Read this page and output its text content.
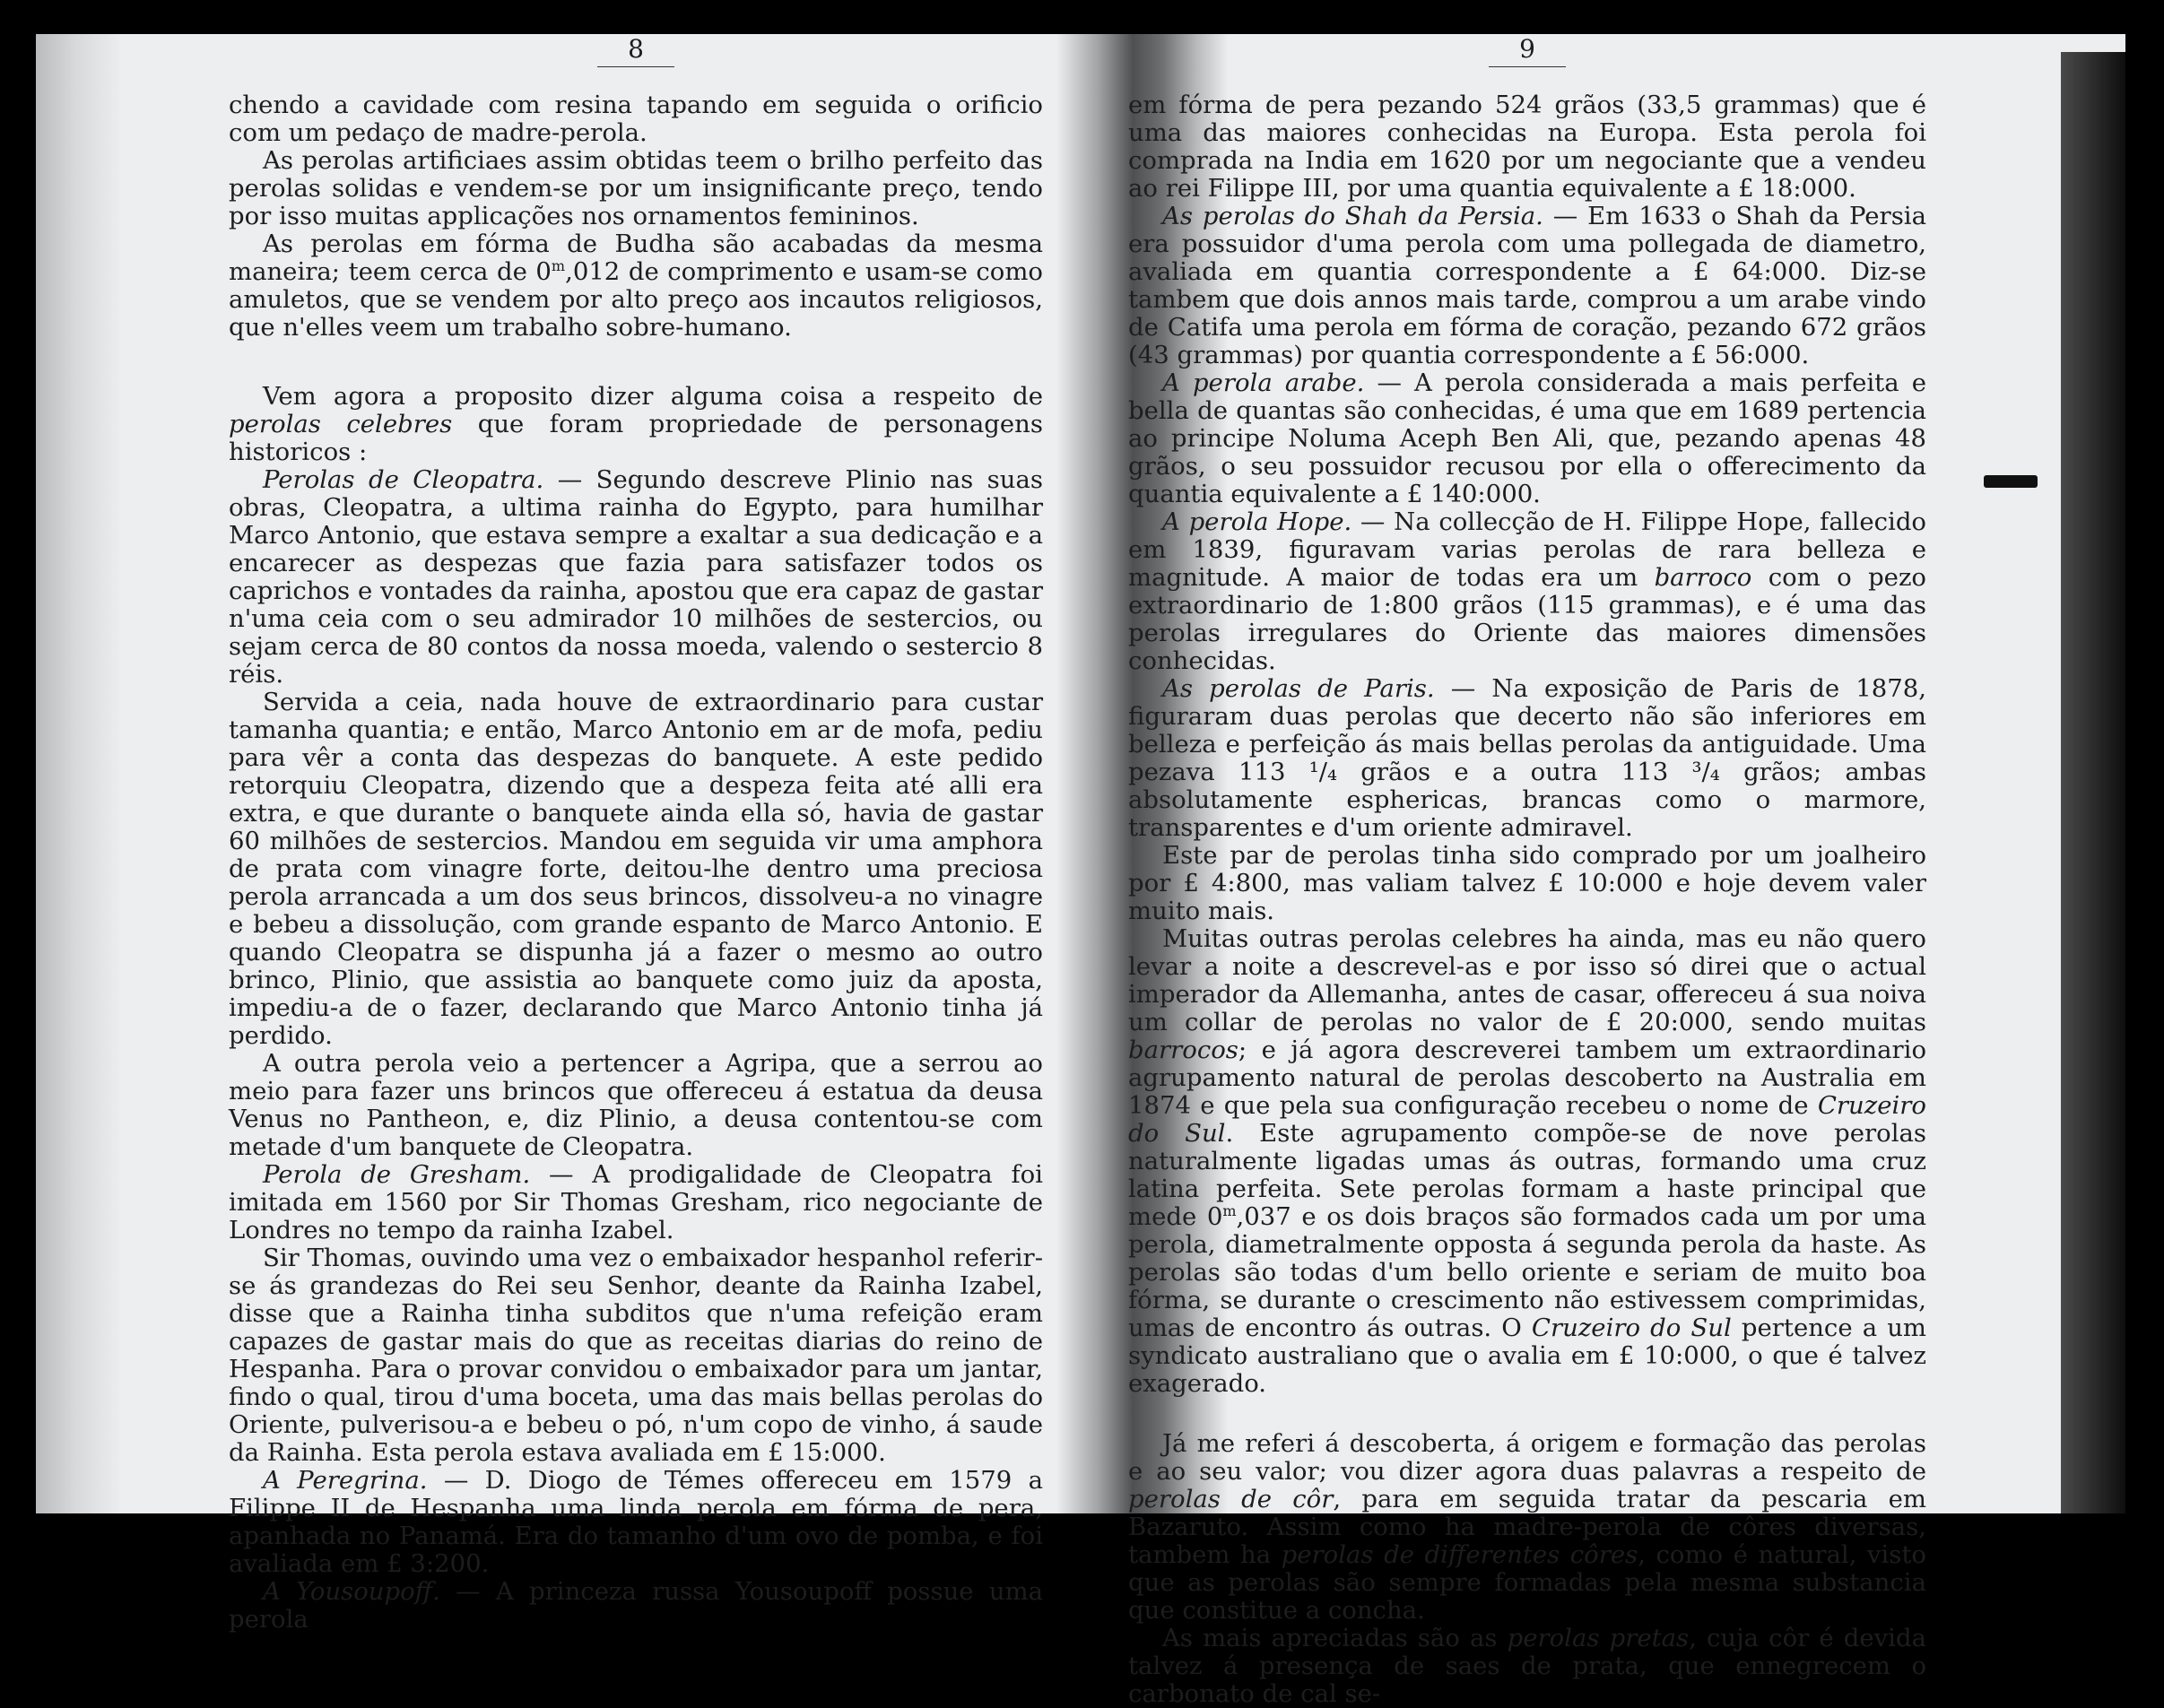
8

chendo a cavidade com resina tapando em seguida o orificio com um pedaço de madre-perola.

As perolas artificiaes assim obtidas teem o brilho perfeito das perolas solidas e vendem-se por um insignificante preço, tendo por isso muitas applicações nos ornamentos femininos.

As perolas em fórma de Budha são acabadas da mesma maneira; teem cerca de 0$^m$,012 de comprimento e usam-se como amuletos, que se vendem por alto preço aos incautos religiosos, que n'elles veem um trabalho sobre-humano.

Vem agora a proposito dizer alguma coisa a respeito de perolas celebres que foram propriedade de personagens historicos :

Perolas de Cleopatra. — Segundo descreve Plinio nas suas obras, Cleopatra, a ultima rainha do Egypto, para humilhar Marco Antonio, que estava sempre a exaltar a sua dedicação e a encarecer as despezas que fazia para satisfazer todos os caprichos e vontades da rainha, apostou que era capaz de gastar n'uma ceia com o seu admirador 10 milhões de sestercios, ou sejam cerca de 80 contos da nossa moeda, valendo o sestercio 8 réis.

Servida a ceia, nada houve de extraordinario para custar tamanha quantia; e então, Marco Antonio em ar de mofa, pediu para vêr a conta das despezas do banquete. A este pedido retorquiu Cleopatra, dizendo que a despeza feita até alli era extra, e que durante o banquete ainda ella só, havia de gastar 60 milhões de sestercios. Mandou em seguida vir uma amphora de prata com vinagre forte, deitou-lhe dentro uma preciosa perola arrancada a um dos seus brincos, dissolveu-a no vinagre e bebeu a dissolução, com grande espanto de Marco Antonio. E quando Cleopatra se dispunha já a fazer o mesmo ao outro brinco, Plinio, que assistia ao banquete como juiz da aposta, impediu-a de o fazer, declarando que Marco Antonio tinha já perdido.

A outra perola veio a pertencer a Agripa, que a serrou ao meio para fazer uns brincos que offereceu á estatua da deusa Venus no Pantheon, e, diz Plinio, a deusa contentou-se com metade d'um banquete de Cleopatra.

Perola de Gresham. — A prodigalidade de Cleopatra foi imitada em 1560 por Sir Thomas Gresham, rico negociante de Londres no tempo da rainha Izabel.

Sir Thomas, ouvindo uma vez o embaixador hespanhol referir-se ás grandezas do Rei seu Senhor, deante da Rainha Izabel, disse que a Rainha tinha subditos que n'uma refeição eram capazes de gastar mais do que as receitas diarias do reino de Hespanha. Para o provar convidou o embaixador para um jantar, findo o qual, tirou d'uma boceta, uma das mais bellas perolas do Oriente, pulverisou-a e bebeu o pó, n'um copo de vinho, á saude da Rainha. Esta perola estava avaliada em £ 15:000.

A Peregrina. — D. Diogo de Témes offereceu em 1579 a Filippe II de Hespanha uma linda perola em fórma de pera, apanhada no Panamá. Era do tamanho d'um ovo de pomba, e foi avaliada em £ 3:200.

A Yousoupoff. — A princeza russa Yousoupoff possue uma perola

9

em fórma de pera pezando 524 grãos (33,5 grammas) que é uma das maiores conhecidas na Europa. Esta perola foi comprada na India em 1620 por um negociante que a vendeu ao rei Filippe III, por uma quantia equivalente a £ 18:000.

As perolas do Shah da Persia. — Em 1633 o Shah da Persia era possuidor d'uma perola com uma pollegada de diametro, avaliada em quantia correspondente a £ 64:000. Diz-se tambem que dois annos mais tarde, comprou a um arabe vindo de Catifa uma perola em fórma de coração, pezando 672 grãos (43 grammas) por quantia correspondente a £ 56:000.

A perola arabe. — A perola considerada a mais perfeita e bella de quantas são conhecidas, é uma que em 1689 pertencia ao principe Noluma Aceph Ben Ali, que, pezando apenas 48 grãos, o seu possuidor recusou por ella o offerecimento da quantia equivalente a £ 140:000.

A perola Hope. — Na collecção de H. Filippe Hope, fallecido em 1839, figuravam varias perolas de rara belleza e magnitude. A maior de todas era um barroco com o pezo extraordinario de 1:800 grãos (115 grammas), e é uma das perolas irregulares do Oriente das maiores dimensões conhecidas.

As perolas de Paris. — Na exposição de Paris de 1878, figuraram duas perolas que decerto não são inferiores em belleza e perfeição ás mais bellas perolas da antiguidade. Uma pezava 113 ¹/₄ grãos e a outra 113 ³/₄ grãos; ambas absolutamente esphericas, brancas como o marmore, transparentes e d'um oriente admiravel.

Este par de perolas tinha sido comprado por um joalheiro por £ 4:800, mas valiam talvez £ 10:000 e hoje devem valer muito mais.

Muitas outras perolas celebres ha ainda, mas eu não quero levar a noite a descrevel-as e por isso só direi que o actual imperador da Allemanha, antes de casar, offereceu á sua noiva um collar de perolas no valor de £ 20:000, sendo muitas barrocos; e já agora descreverei tambem um extraordinario agrupamento natural de perolas descoberto na Australia em 1874 e que pela sua configuração recebeu o nome de Cruzeiro do Sul. Este agrupamento compõe-se de nove perolas naturalmente ligadas umas ás outras, formando uma cruz latina perfeita. Sete perolas formam a haste principal que mede 0$^m$,037 e os dois braços são formados cada um por uma perola, diametralmente opposta á segunda perola da haste. As perolas são todas d'um bello oriente e seriam de muito boa fórma, se durante o crescimento não estivessem comprimidas, umas de encontro ás outras. O Cruzeiro do Sul pertence a um syndicato australiano que o avalia em £ 10:000, o que é talvez exagerado.

Já me referi á descoberta, á origem e formação das perolas e ao seu valor; vou dizer agora duas palavras a respeito de perolas de côr, para em seguida tratar da pescaria em Bazaruto. Assim como ha madre-perola de côres diversas, tambem ha perolas de differentes côres, como é natural, visto que as perolas são sempre formadas pela mesma substancia que constitue a concha.

As mais apreciadas são as perolas pretas, cuja côr é devida talvez á presença de saes de prata, que ennegrecem o carbonato de cal se-
